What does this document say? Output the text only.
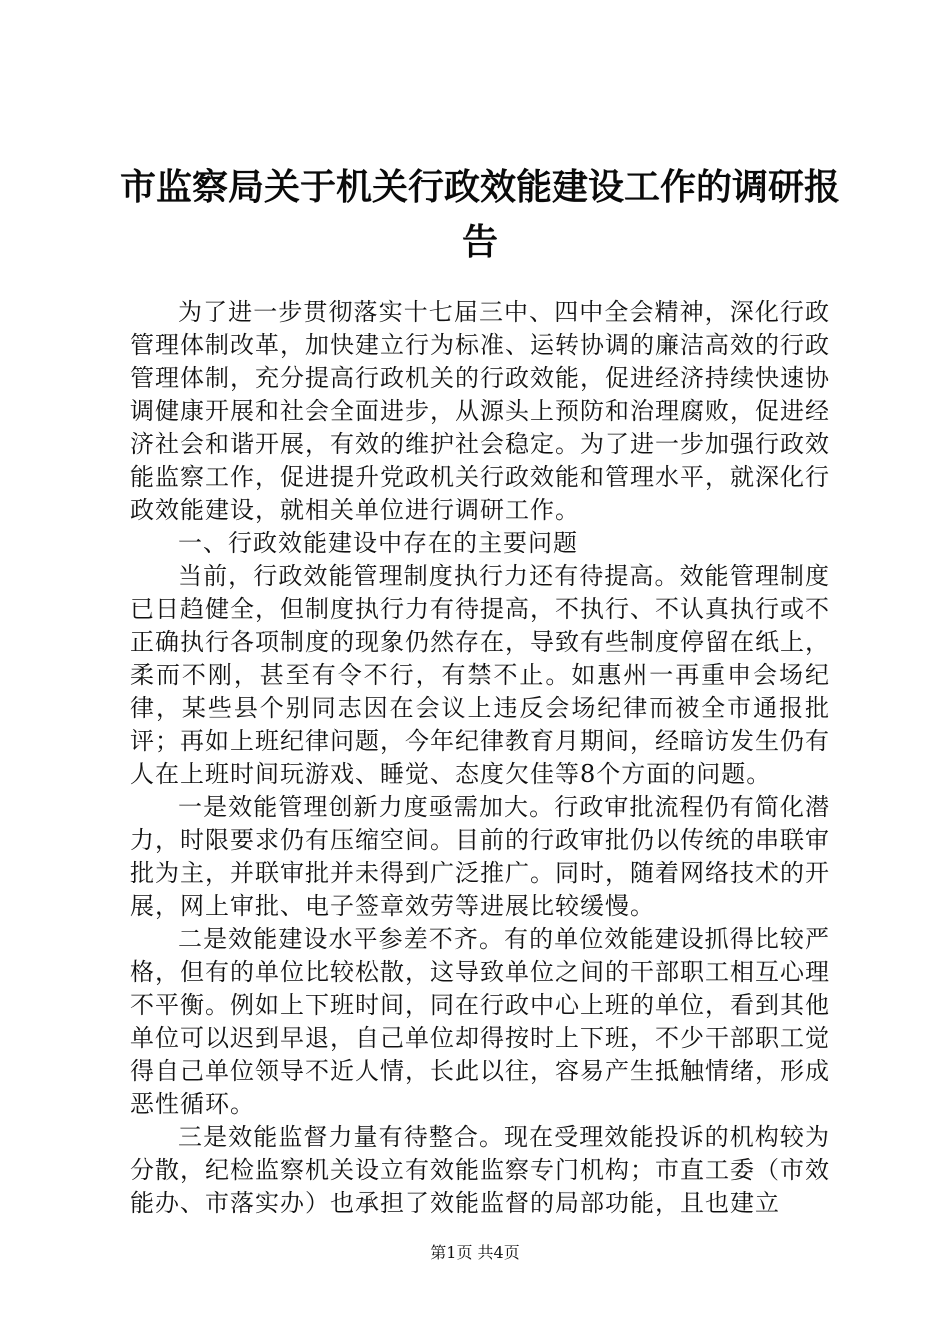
市监察局关于机关行政效能建设工作的调研报告

为了进一步贯彻落实十七届三中、四中全会精神，深化行政管理体制改革，加快建立行为标准、运转协调的廉洁高效的行政管理体制，充分提高行政机关的行政效能，促进经济持续快速协调健康开展和社会全面进步，从源头上预防和治理腐败，促进经济社会和谐开展，有效的维护社会稳定。为了进一步加强行政效能监察工作，促进提升党政机关行政效能和管理水平，就深化行政效能建设，就相关单位进行调研工作。

一、行政效能建设中存在的主要问题

当前，行政效能管理制度执行力还有待提高。效能管理制度已日趋健全，但制度执行力有待提高，不执行、不认真执行或不正确执行各项制度的现象仍然存在，导致有些制度停留在纸上，柔而不刚，甚至有令不行，有禁不止。如惠州一再重申会场纪律，某些县个别同志因在会议上违反会场纪律而被全市通报批评；再如上班纪律问题，今年纪律教育月期间，经暗访发生仍有人在上班时间玩游戏、睡觉、态度欠佳等8个方面的问题。

一是效能管理创新力度亟需加大。行政审批流程仍有简化潜力，时限要求仍有压缩空间。目前的行政审批仍以传统的串联审批为主，并联审批并未得到广泛推广。同时，随着网络技术的开展，网上审批、电子签章效劳等进展比较缓慢。

二是效能建设水平参差不齐。有的单位效能建设抓得比较严格，但有的单位比较松散，这导致单位之间的干部职工相互心理不平衡。例如上下班时间，同在行政中心上班的单位，看到其他单位可以迟到早退，自己单位却得按时上下班，不少干部职工觉得自己单位领导不近人情，长此以往，容易产生抵触情绪，形成恶性循环。

三是效能监督力量有待整合。现在受理效能投诉的机构较为分散，纪检监察机关设立有效能监察专门机构；市直工委（市效能办、市落实办）也承担了效能监督的局部功能，且也建立

第1页 共4页
